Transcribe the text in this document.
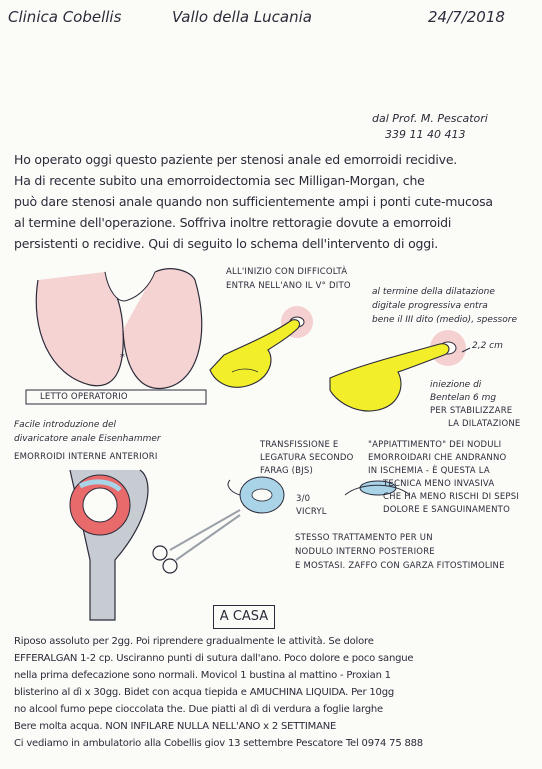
Clinica Cobellis	Vallo della Lucania	24/7/2018
dal Prof. M. Pescatori
339 11 40 413
Ho operato oggi questo paziente per stenosi anale ed emorroidi recidive.
Ha di recente subito una emorroidectomia sec Milligan-Morgan, che
può dare stenosi anale quando non sufficientemente ampi i ponti cute-mucosa
al termine dell'operazione. Soffriva inoltre rettoragie dovute a emorroidi
persistenti o recidive. Qui di seguito lo schema dell'intervento di oggi.
*
LETTO OPERATORIO
ALL'INIZIO CON DIFFICOLTÀ
ENTRA NELL'ANO IL V° DITO
al termine della dilatazione
digitale progressiva entra
bene il III dito (medio), spessore
2,2 cm
iniezione di
Bentelan 6 mg
PER STABILIZZARE
LA DILATAZIONE
Facile introduzione del
divaricatore anale Eisenhammer
EMORROIDI INTERNE ANTERIORI
TRANSFISSIONE E
LEGATURA SECONDO
FARAG (BJS)
3/0
VICRYL
"APPIATTIMENTO" DEI NODULI
EMORROIDARI CHE ANDRANNO
IN ISCHEMIA - È QUESTA LA
TECNICA MENO INVASIVA
CHE HA MENO RISCHI DI SEPSI
DOLORE E SANGUINAMENTO
STESSO TRATTAMENTO PER UN
NODULO INTERNO POSTERIORE
E MOSTASI. ZAFFO CON GARZA FITOSTIMOLINE
A CASA
Riposo assoluto per 2gg. Poi riprendere gradualmente le attività. Se dolore
EFFERALGAN 1-2 cp. Usciranno punti di sutura dall'ano. Poco dolore e poco sangue
nella prima defecazione sono normali. Movicol 1 bustina al mattino - Proxian 1
blisterino al dì x 30gg. Bidet con acqua tiepida e AMUCHINA LIQUIDA. Per 10gg
no alcool fumo pepe cioccolata the. Due piatti al dì di verdura a foglie larghe
Bere molta acqua. NON INFILARE NULLA NELL'ANO x 2 SETTIMANE
Ci vediamo in ambulatorio alla Cobellis giov 13 settembre Pescatore Tel 0974 75 888
